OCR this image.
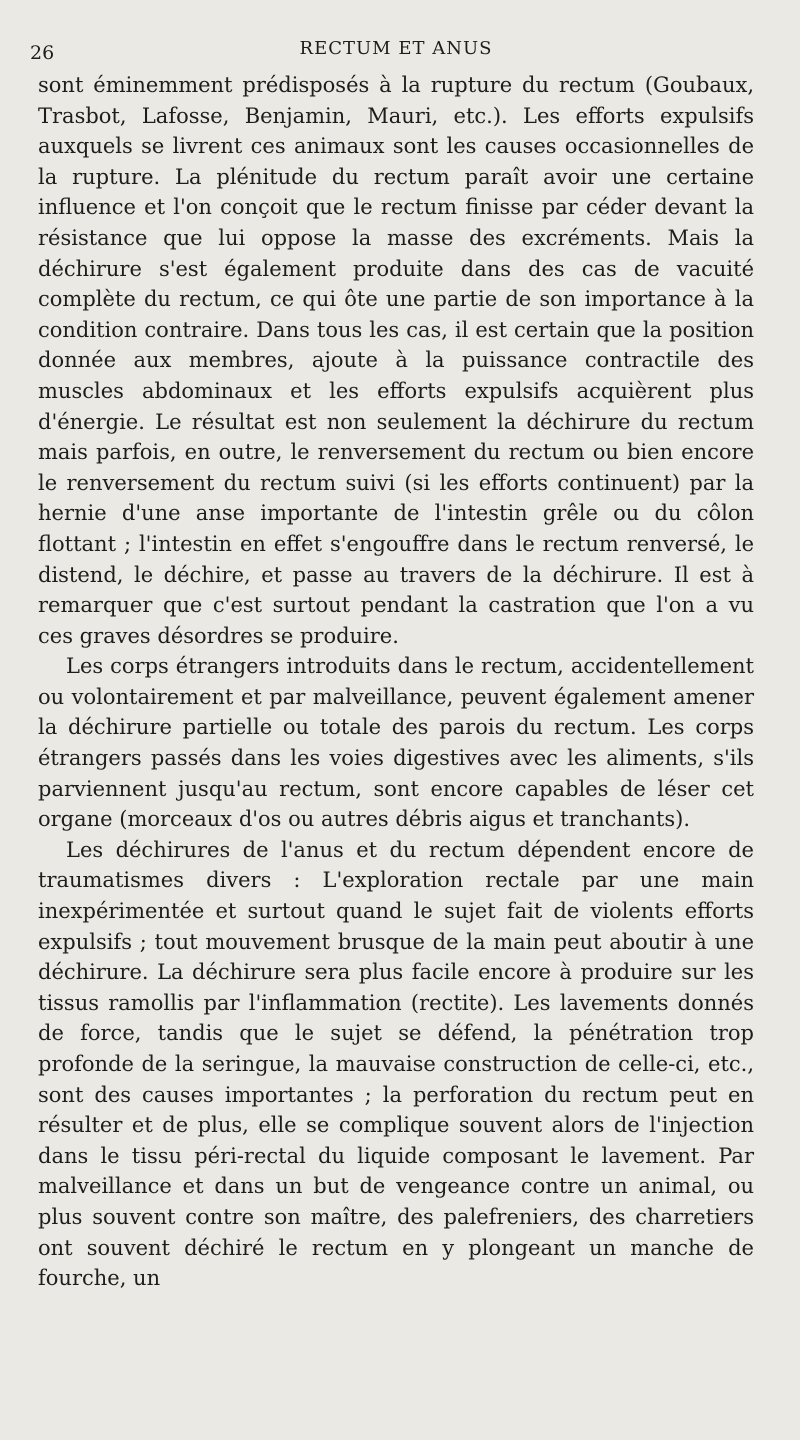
26	RECTUM ET ANUS

sont éminemment prédisposés à la rupture du rectum (Goubaux, Trasbot, Lafosse, Benjamin, Mauri, etc.). Les efforts expulsifs auxquels se livrent ces animaux sont les causes occasionnelles de la rupture. La plénitude du rectum paraît avoir une certaine influence et l'on conçoit que le rectum finisse par céder devant la résistance que lui oppose la masse des excréments. Mais la déchirure s'est également produite dans des cas de vacuité complète du rectum, ce qui ôte une partie de son importance à la condition contraire. Dans tous les cas, il est certain que la position donnée aux membres, ajoute à la puissance contractile des muscles abdominaux et les efforts expulsifs acquièrent plus d'énergie. Le résultat est non seulement la déchirure du rectum mais parfois, en outre, le renversement du rectum ou bien encore le renversement du rectum suivi (si les efforts continuent) par la hernie d'une anse importante de l'intestin grêle ou du côlon flottant ; l'intestin en effet s'engouffre dans le rectum renversé, le distend, le déchire, et passe au travers de la déchirure. Il est à remarquer que c'est surtout pendant la castration que l'on a vu ces graves désordres se produire.

Les corps étrangers introduits dans le rectum, accidentellement ou volontairement et par malveillance, peuvent également amener la déchirure partielle ou totale des parois du rectum. Les corps étrangers passés dans les voies digestives avec les aliments, s'ils parviennent jusqu'au rectum, sont encore capables de léser cet organe (morceaux d'os ou autres débris aigus et tranchants).

Les déchirures de l'anus et du rectum dépendent encore de traumatismes divers : L'exploration rectale par une main inexpérimentée et surtout quand le sujet fait de violents efforts expulsifs ; tout mouvement brusque de la main peut aboutir à une déchirure. La déchirure sera plus facile encore à produire sur les tissus ramollis par l'inflammation (rectite). Les lavements donnés de force, tandis que le sujet se défend, la pénétration trop profonde de la seringue, la mauvaise construction de celle-ci, etc., sont des causes importantes ; la perforation du rectum peut en résulter et de plus, elle se complique souvent alors de l'injection dans le tissu péri-rectal du liquide composant le lavement. Par malveillance et dans un but de vengeance contre un animal, ou plus souvent contre son maître, des palefreniers, des charretiers ont souvent déchiré le rectum en y plongeant un manche de fourche, un
